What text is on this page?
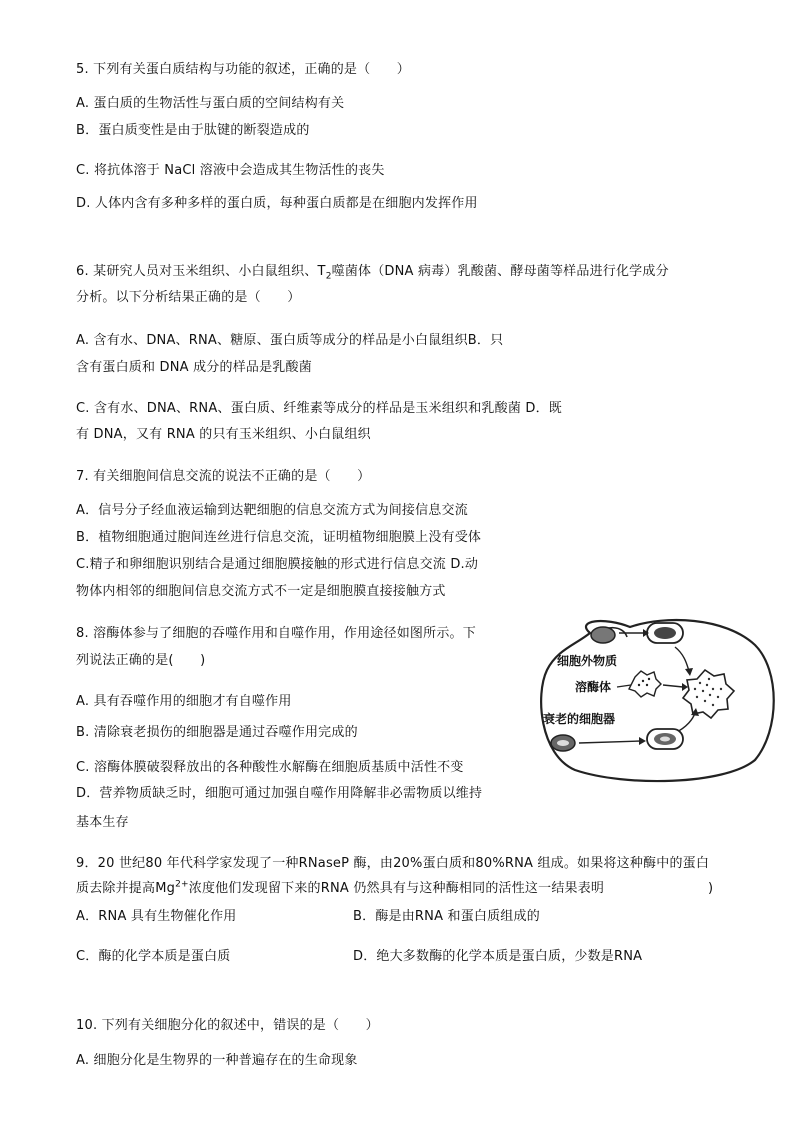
5. 下列有关蛋白质结构与功能的叙述，正确的是（　　）
A. 蛋白质的生物活性与蛋白质的空间结构有关
B．蛋白质变性是由于肽键的断裂造成的
C. 将抗体溶于 NaCl 溶液中会造成其生物活性的丧失
D. 人体内含有多种多样的蛋白质，每种蛋白质都是在细胞内发挥作用
6. 某研究人员对玉米组织、小白鼠组织、$T_2$噬菌体（DNA 病毒）乳酸菌、酵母菌等样品进行化学成分
分析。以下分析结果正确的是（　　）
A. 含有水、DNA、RNA、糖原、蛋白质等成分的样品是小白鼠组织B．只
含有蛋白质和 DNA 成分的样品是乳酸菌
C. 含有水、DNA、RNA、蛋白质、纤维素等成分的样品是玉米组织和乳酸菌 D．既
有 DNA，又有 RNA 的只有玉米组织、小白鼠组织
7. 有关细胞间信息交流的说法不正确的是（　　）
A．信号分子经血液运输到达靶细胞的信息交流方式为间接信息交流
B．植物细胞通过胞间连丝进行信息交流，证明植物细胞膜上没有受体
C.精子和卵细胞识别结合是通过细胞膜接触的形式进行信息交流 D.动
物体内相邻的细胞间信息交流方式不一定是细胞膜直接接触方式
8. 溶酶体参与了细胞的吞噬作用和自噬作用，作用途径如图所示。下
列说法正确的是(　　)
A. 具有吞噬作用的细胞才有自噬作用
B. 清除衰老损伤的细胞器是通过吞噬作用完成的
C. 溶酶体膜破裂释放出的各种酸性水解酶在细胞质基质中活性不变
D．营养物质缺乏时，细胞可通过加强自噬作用降解非必需物质以维持
基本生存
细胞外物质
溶酶体
衰老的细胞器
9．20 世纪80 年代科学家发现了一种RNaseP 酶，由20%蛋白质和80%RNA 组成。如果将这种酶中的蛋白
质去除并提高$Mg^{2+}$浓度他们发现留下来的RNA 仍然具有与这种酶相同的活性这一结果表明	)
A．RNA 具有生物催化作用	B．酶是由RNA 和蛋白质组成的
C．酶的化学本质是蛋白质	D．绝大多数酶的化学本质是蛋白质，少数是RNA
10. 下列有关细胞分化的叙述中，错误的是（　　）
A. 细胞分化是生物界的一种普遍存在的生命现象
